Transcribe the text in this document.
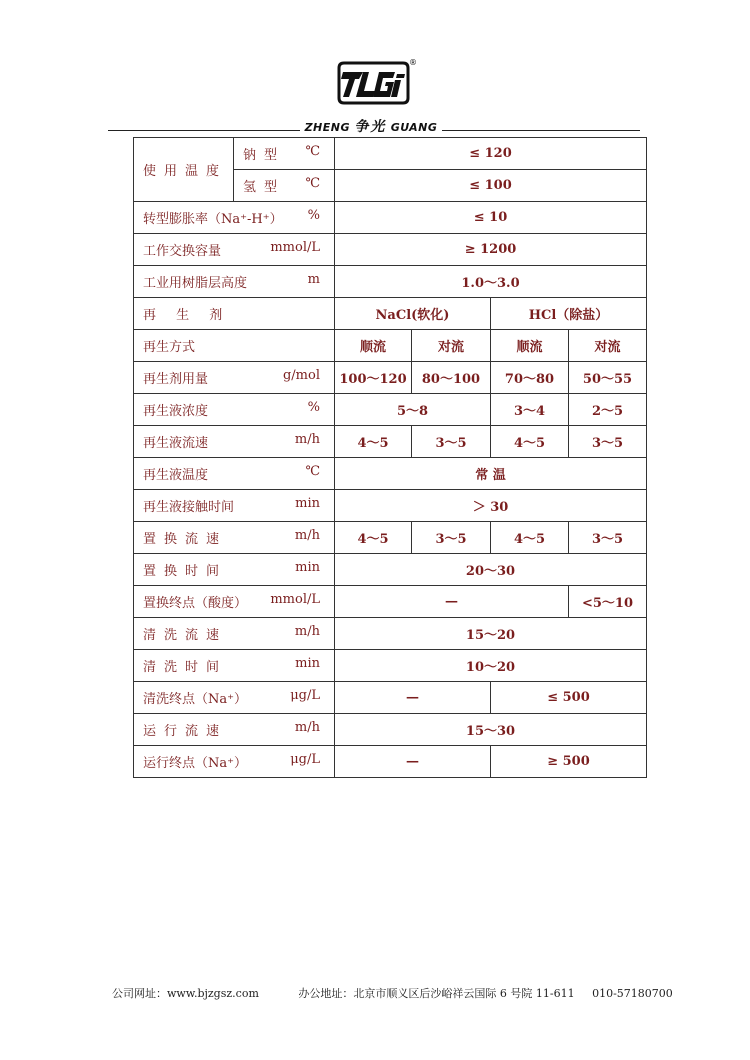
®
ZHENG 争光 GUANG
使用温度	钠型 ℃	≤ 120			
	氢型 ℃	≤ 100			
转型膨胀率（Na⁺-H⁺） %		≤ 10			
工作交换容量 mmol/L		≥ 1200			
工业用树脂层高度 m		1.0～3.0			
再 生 剂		NaCl(软化)		HCl（除盐）	
再生方式		顺流	对流	顺流	对流
再生剂用量 g/mol		100～120	80～100	70～80	50～55
再生液浓度 %		5～8		3～4	2～5
再生液流速 m/h		4～5	3～5	4～5	3～5
再生液温度 ℃		常 温			
再生液接触时间 min		＞ 30			
置换流速 m/h		4～5	3～5	4～5	3～5
置换时间 min		20～30			
置换终点（酸度） mmol/L		—			<5～10
清洗流速 m/h		15～20			
清洗时间 min		10～20			
清洗终点（Na⁺） μg/L		—		≤ 500	
运行流速 m/h		15～30			
运行终点（Na⁺） μg/L		—		≥ 500	
公司网址：www.bjzgsz.com	办公地址：北京市顺义区后沙峪祥云国际 6 号院 11-611 010-57180700
